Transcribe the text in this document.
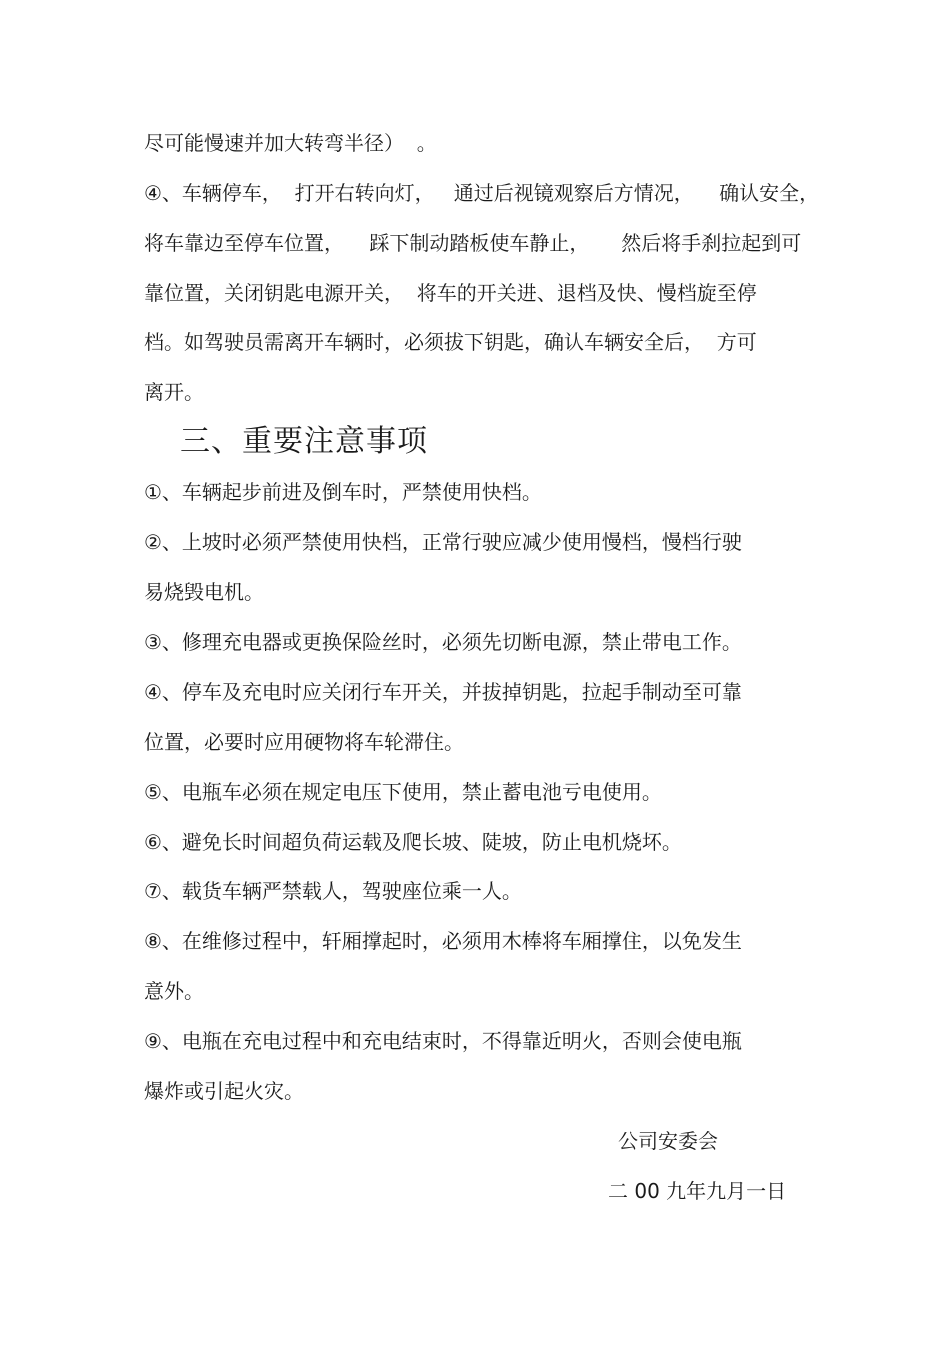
尽可能慢速并加大转弯半径）  。
④、车辆停车，  打开右转向灯，   通过后视镜观察后方情况，    确认安全，
将车靠边至停车位置，    踩下制动踏板使车静止，     然后将手刹拉起到可
靠位置，关闭钥匙电源开关，  将车的开关进、退档及快、慢档旋至停
档。如驾驶员需离开车辆时，必须拔下钥匙，确认车辆安全后，  方可
离开。
三、重要注意事项
①、车辆起步前进及倒车时，严禁使用快档。
②、上坡时必须严禁使用快档，正常行驶应减少使用慢档，慢档行驶
易烧毁电机。
③、修理充电器或更换保险丝时，必须先切断电源，禁止带电工作。
④、停车及充电时应关闭行车开关，并拔掉钥匙，拉起手制动至可靠
位置，必要时应用硬物将车轮滞住。
⑤、电瓶车必须在规定电压下使用，禁止蓄电池亏电使用。
⑥、避免长时间超负荷运载及爬长坡、陡坡，防止电机烧坏。
⑦、载货车辆严禁载人，驾驶座位乘一人。
⑧、在维修过程中，轩厢撑起时，必须用木棒将车厢撑住，以免发生
意外。
⑨、电瓶在充电过程中和充电结束时，不得靠近明火，否则会使电瓶
爆炸或引起火灾。
公司安委会
二 00 九年九月一日
